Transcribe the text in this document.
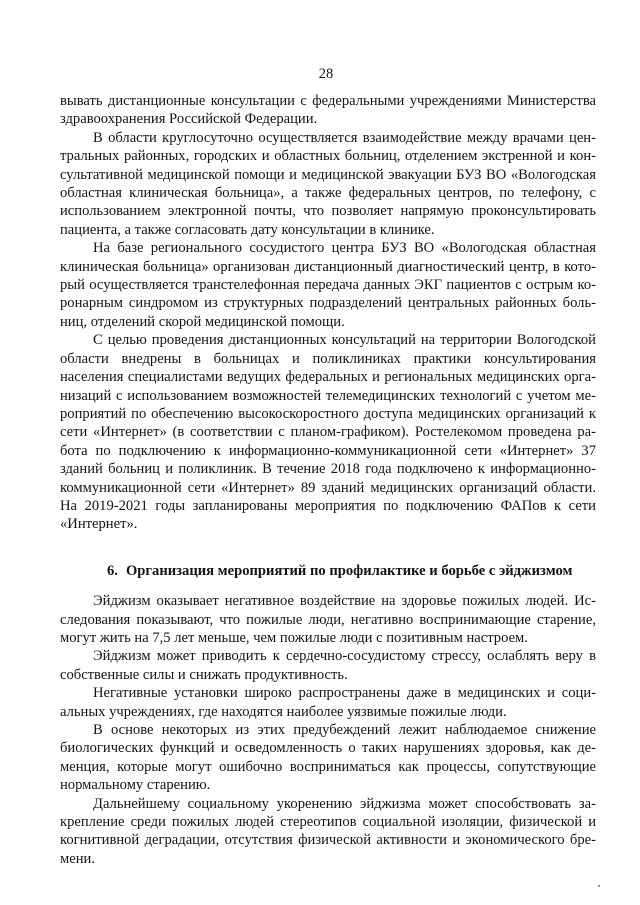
28

вывать дистанционные консультации с федеральными учреждениями Министерства здравоохранения Российской Федерации.

В области круглосуточно осуществляется взаимодействие между врачами центральных районных, городских и областных больниц, отделением экстренной и консультативной медицинской помощи и медицинской эвакуации БУЗ ВО «Вологодская областная клиническая больница», а также федеральных центров, по телефону, с использованием электронной почты, что позволяет напрямую проконсультировать пациента, а также согласовать дату консультации в клинике.

На базе регионального сосудистого центра БУЗ ВО «Вологодская областная клиническая больница» организован дистанционный диагностический центр, в который осуществляется транстелефонная передача данных ЭКГ пациентов с острым коронарным синдромом из структурных подразделений центральных районных больниц, отделений скорой медицинской помощи.

С целью проведения дистанционных консультаций на территории Вологодской области внедрены в больницах и поликлиниках практики консультирования населения специалистами ведущих федеральных и региональных медицинских организаций с использованием возможностей телемедицинских технологий с учетом мероприятий по обеспечению высокоскоростного доступа медицинских организаций к сети «Интернет» (в соответствии с планом-графиком). Ростелекомом проведена работа по подключению к информационно-коммуникационной сети «Интернет» 37 зданий больниц и поликлиник. В течение 2018 года подключено к информационно-коммуникационной сети «Интернет» 89 зданий медицинских организаций области. На 2019-2021 годы запланированы мероприятия по подключению ФАПов к сети «Интернет».

6. Организация мероприятий по профилактике и борьбе с эйджизмом

Эйджизм оказывает негативное воздействие на здоровье пожилых людей. Исследования показывают, что пожилые люди, негативно воспринимающие старение, могут жить на 7,5 лет меньше, чем пожилые люди с позитивным настроем.

Эйджизм может приводить к сердечно-сосудистому стрессу, ослаблять веру в собственные силы и снижать продуктивность.

Негативные установки широко распространены даже в медицинских и социальных учреждениях, где находятся наиболее уязвимые пожилые люди.

В основе некоторых из этих предубеждений лежит наблюдаемое снижение биологических функций и осведомленность о таких нарушениях здоровья, как деменция, которые могут ошибочно восприниматься как процессы, сопутствующие нормальному старению.

Дальнейшему социальному укоренению эйджизма может способствовать закрепление среди пожилых людей стереотипов социальной изоляции, физической и когнитивной деградации, отсутствия физической активности и экономического бремени.
